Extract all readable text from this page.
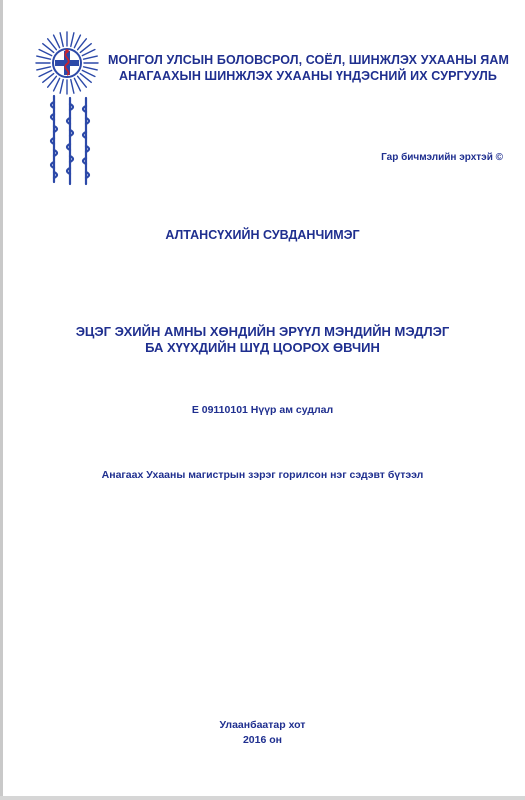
МОНГОЛ УЛСЫН БОЛОВСРОЛ, СОЁЛ, ШИНЖЛЭХ УХААНЫ ЯАМ
АНАГААХЫН ШИНЖЛЭХ УХААНЫ ҮНДЭСНИЙ ИХ СУРГУУЛЬ
Гар бичмэлийн эрхтэй ©
АЛТАНСҮХИЙН СУВДАНЧИМЭГ
ЭЦЭГ ЭХИЙН АМНЫ ХӨНДИЙН ЭРҮҮЛ МЭНДИЙН МЭДЛЭГ
БА ХҮҮХДИЙН ШҮД ЦООРОХ ӨВЧИН
Е 09110101 Нүүр ам судлал
Анагаах Ухааны магистрын зэрэг горилсон нэг сэдэвт бүтээл
Улаанбаатар хот
2016 он
